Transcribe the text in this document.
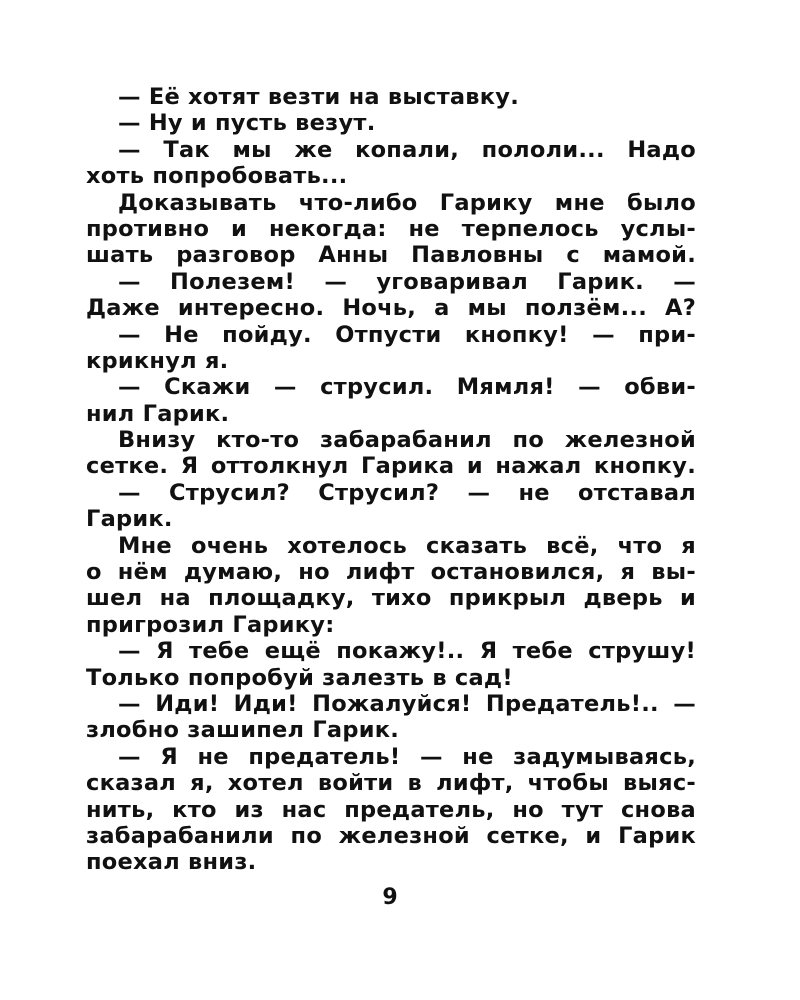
— Её хотят везти на выставку.
— Ну и пусть везут.
— Так мы же копали, пололи... Надо
хоть попробовать...
Доказывать что-либо Гарику мне было
противно и некогда: не терпелось услы-
шать разговор Анны Павловны с мамой.
— Полезем! — уговаривал Гарик. —
Даже интересно. Ночь, а мы ползём... А?
— Не пойду. Отпусти кнопку! — при-
крикнул я.
— Скажи — струсил. Мямля! — обви-
нил Гарик.
Внизу кто-то забарабанил по железной
сетке. Я оттолкнул Гарика и нажал кнопку.
— Струсил? Струсил? — не отставал
Гарик.
Мне очень хотелось сказать всё, что я
о нём думаю, но лифт остановился, я вы-
шел на площадку, тихо прикрыл дверь и
пригрозил Гарику:
— Я тебе ещё покажу!.. Я тебе струшу!
Только попробуй залезть в сад!
— Иди! Иди! Пожалуйся! Предатель!.. —
злобно зашипел Гарик.
— Я не предатель! — не задумываясь,
сказал я, хотел войти в лифт, чтобы выяс-
нить, кто из нас предатель, но тут снова
забарабанили по железной сетке, и Гарик
поехал вниз.
9
